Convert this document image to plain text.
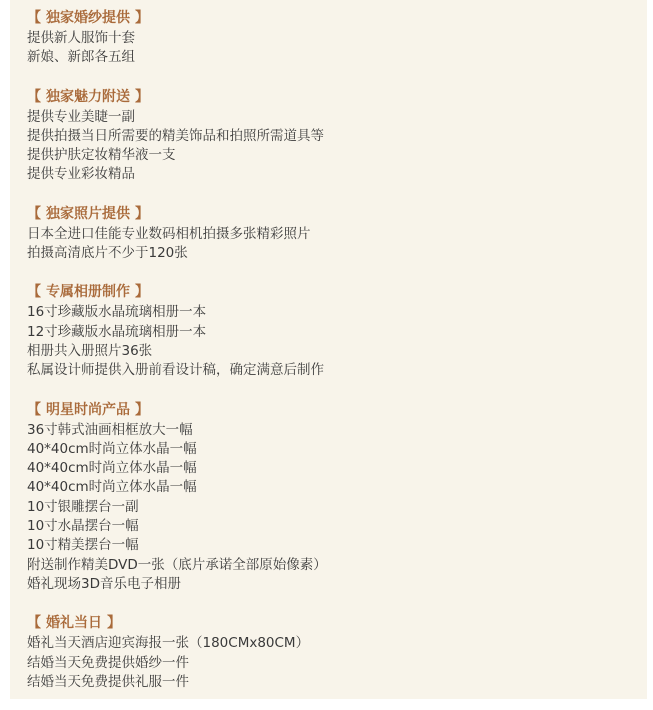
【 独家婚纱提供 】
提供新人服饰十套
新娘、新郎各五组
【 独家魅力附送 】
提供专业美睫一副
提供拍摄当日所需要的精美饰品和拍照所需道具等
提供护肤定妆精华液一支
提供专业彩妆精品
【 独家照片提供 】
日本全进口佳能专业数码相机拍摄多张精彩照片
拍摄高清底片不少于120张
【 专属相册制作 】
16寸珍藏版水晶琉璃相册一本
12寸珍藏版水晶琉璃相册一本
相册共入册照片36张
私属设计师提供入册前看设计稿，确定满意后制作
【 明星时尚产品 】
36寸韩式油画相框放大一幅
40*40cm时尚立体水晶一幅
40*40cm时尚立体水晶一幅
40*40cm时尚立体水晶一幅
10寸银雕摆台一副
10寸水晶摆台一幅
10寸精美摆台一幅
附送制作精美DVD一张（底片承诺全部原始像素）
婚礼现场3D音乐电子相册
【 婚礼当日 】
婚礼当天酒店迎宾海报一张（180CMx80CM）
结婚当天免费提供婚纱一件
结婚当天免费提供礼服一件
